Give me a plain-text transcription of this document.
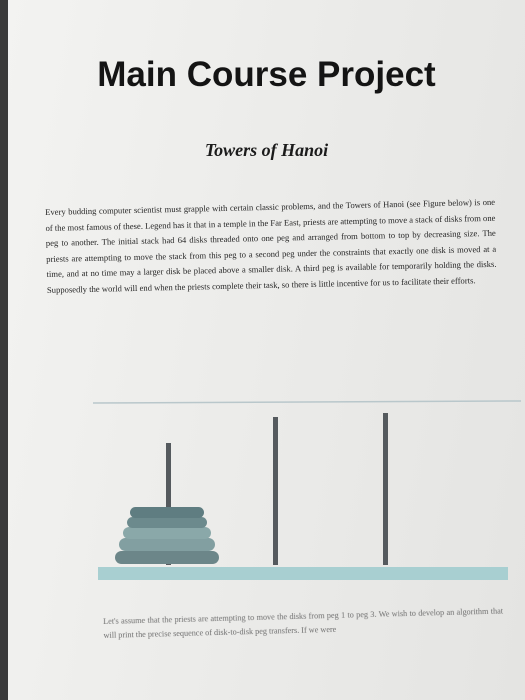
Main Course Project
Towers of Hanoi
Every budding computer scientist must grapple with certain classic problems, and the Towers of Hanoi (see Figure below) is one of the most famous of these. Legend has it that in a temple in the Far East, priests are attempting to move a stack of disks from one peg to another. The initial stack had 64 disks threaded onto one peg and arranged from bottom to top by decreasing size. The priests are attempting to move the stack from this peg to a second peg under the constraints that exactly one disk is moved at a time, and at no time may a larger disk be placed above a smaller disk. A third peg is available for temporarily holding the disks. Supposedly the world will end when the priests complete their task, so there is little incentive for us to facilitate their efforts.
Let's assume that the priests are attempting to move the disks from peg 1 to peg 3. We wish to develop an algorithm that will print the precise sequence of disk-to-disk peg transfers. If we were
